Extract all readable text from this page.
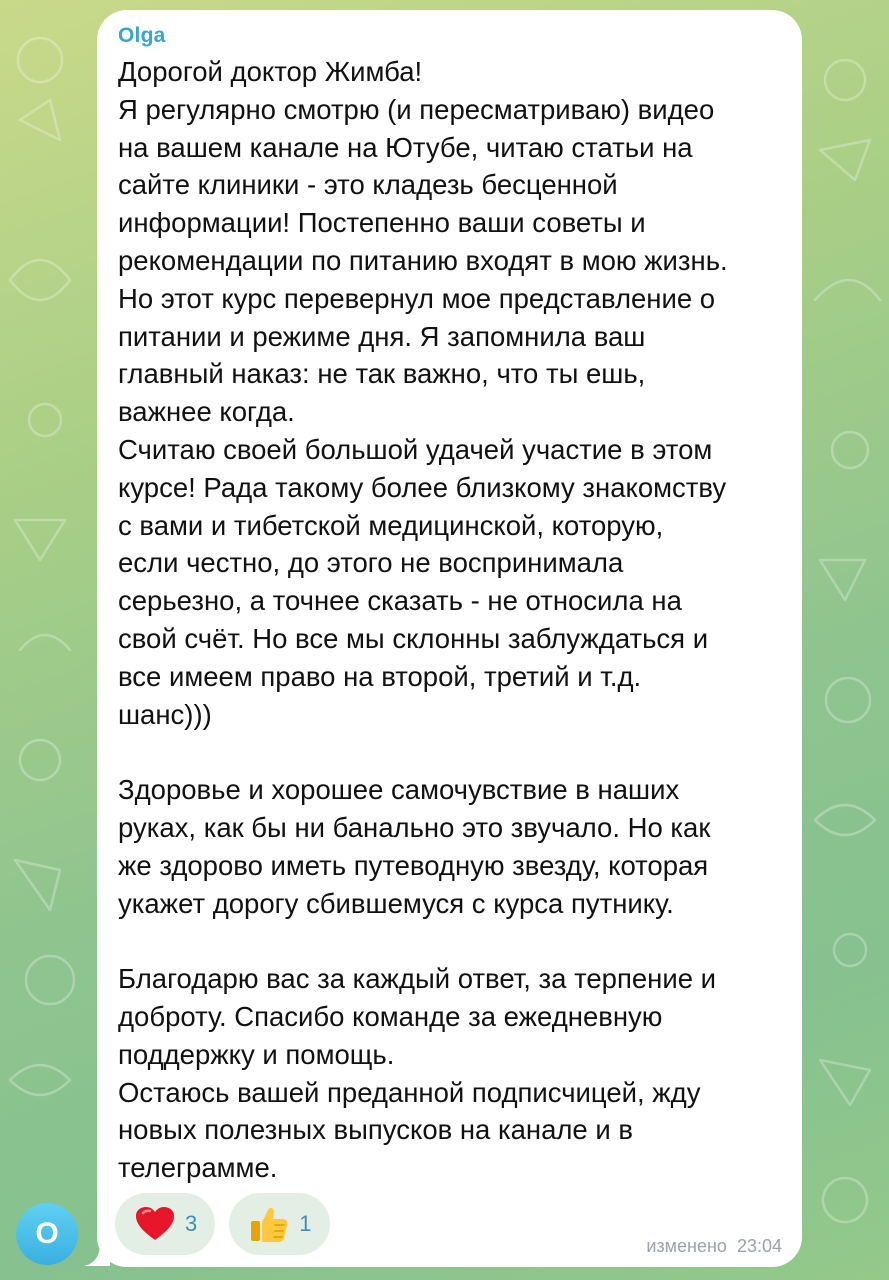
Olga

Дорогой доктор Жимба!
Я регулярно смотрю (и пересматриваю) видео
на вашем канале на Ютубе, читаю статьи на
сайте клиники - это кладезь бесценной
информации! Постепенно ваши советы и
рекомендации по питанию входят в мою жизнь.
Но этот курс перевернул мое представление о
питании и режиме дня. Я запомнила ваш
главный наказ: не так важно, что ты ешь,
важнее когда.
Считаю своей большой удачей участие в этом
курсе! Рада такому более близкому знакомству
с вами и тибетской медицинской, которую,
если честно, до этого не воспринимала
серьезно, а точнее сказать - не относила на
свой счёт. Но все мы склонны заблуждаться и
все имеем право на второй, третий и т.д.
шанс)))

Здоровье и хорошее самочувствие в наших
руках, как бы ни банально это звучало. Но как
же здорово иметь путеводную звезду, которая
укажет дорогу сбившемуся с курса путнику.

Благодарю вас за каждый ответ, за терпение и
доброту. Спасибо команде за ежедневную
поддержку и помощь.
Остаюсь вашей преданной подписчицей, жду
новых полезных выпусков на канале и в
телеграмме.

3	1
изменено 23:04
O
